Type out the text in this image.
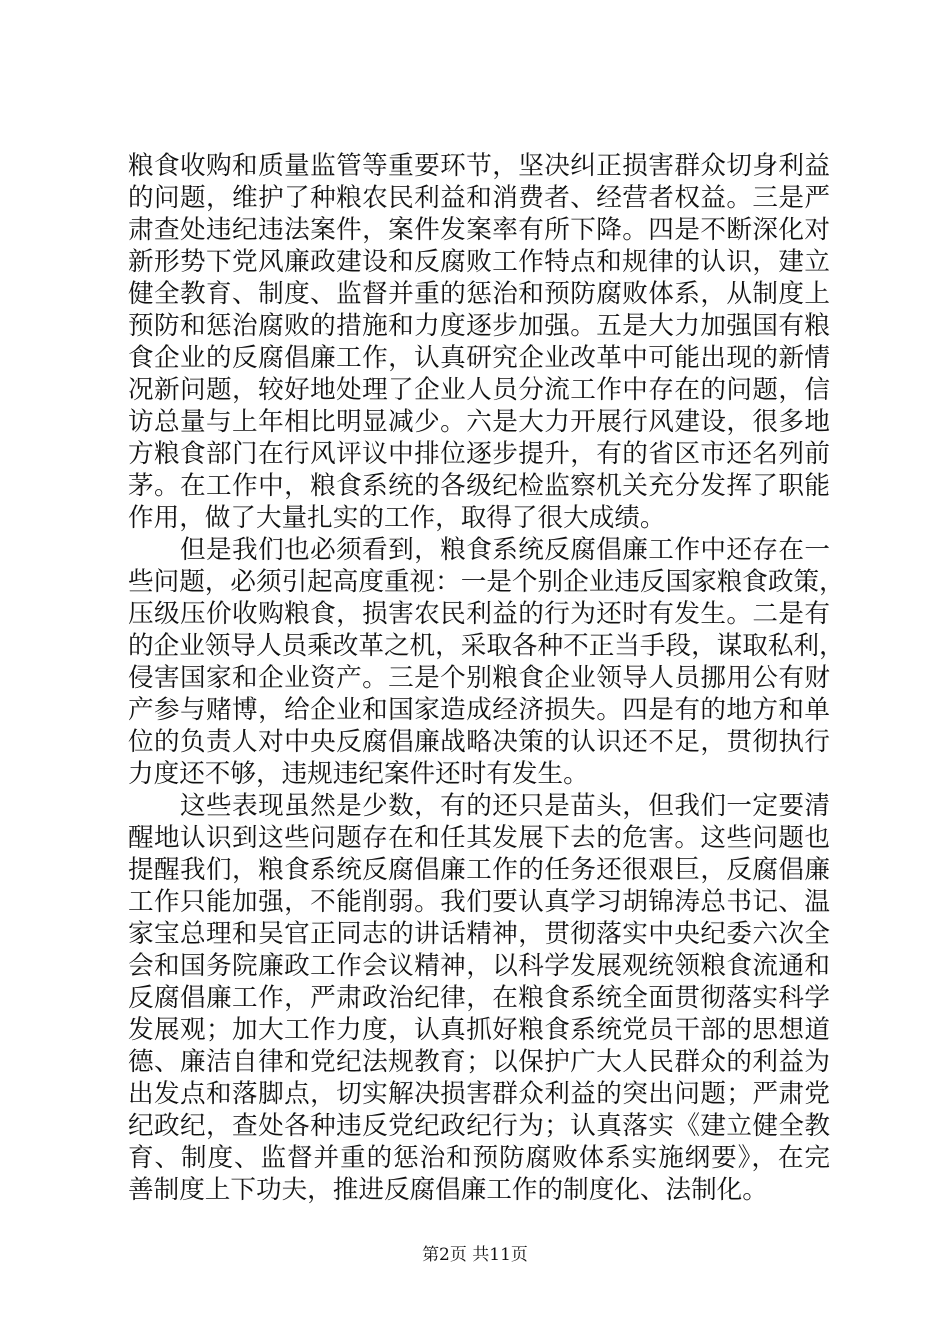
粮食收购和质量监管等重要环节，坚决纠正损害群众切身利益
的问题，维护了种粮农民利益和消费者、经营者权益。三是严
肃查处违纪违法案件，案件发案率有所下降。四是不断深化对
新形势下党风廉政建设和反腐败工作特点和规律的认识，建立
健全教育、制度、监督并重的惩治和预防腐败体系，从制度上
预防和惩治腐败的措施和力度逐步加强。五是大力加强国有粮
食企业的反腐倡廉工作，认真研究企业改革中可能出现的新情
况新问题，较好地处理了企业人员分流工作中存在的问题，信
访总量与上年相比明显减少。六是大力开展行风建设，很多地
方粮食部门在行风评议中排位逐步提升，有的省区市还名列前
茅。在工作中，粮食系统的各级纪检监察机关充分发挥了职能
作用，做了大量扎实的工作，取得了很大成绩。
　　但是我们也必须看到，粮食系统反腐倡廉工作中还存在一
些问题，必须引起高度重视：一是个别企业违反国家粮食政策，
压级压价收购粮食，损害农民利益的行为还时有发生。二是有
的企业领导人员乘改革之机，采取各种不正当手段，谋取私利，
侵害国家和企业资产。三是个别粮食企业领导人员挪用公有财
产参与赌博，给企业和国家造成经济损失。四是有的地方和单
位的负责人对中央反腐倡廉战略决策的认识还不足，贯彻执行
力度还不够，违规违纪案件还时有发生。
　　这些表现虽然是少数，有的还只是苗头，但我们一定要清
醒地认识到这些问题存在和任其发展下去的危害。这些问题也
提醒我们，粮食系统反腐倡廉工作的任务还很艰巨，反腐倡廉
工作只能加强，不能削弱。我们要认真学习胡锦涛总书记、温
家宝总理和吴官正同志的讲话精神，贯彻落实中央纪委六次全
会和国务院廉政工作会议精神，以科学发展观统领粮食流通和
反腐倡廉工作，严肃政治纪律，在粮食系统全面贯彻落实科学
发展观；加大工作力度，认真抓好粮食系统党员干部的思想道
德、廉洁自律和党纪法规教育；以保护广大人民群众的利益为
出发点和落脚点，切实解决损害群众利益的突出问题；严肃党
纪政纪，查处各种违反党纪政纪行为；认真落实《建立健全教
育、制度、监督并重的惩治和预防腐败体系实施纲要》，在完
善制度上下功夫，推进反腐倡廉工作的制度化、法制化。
第2页 共11页
